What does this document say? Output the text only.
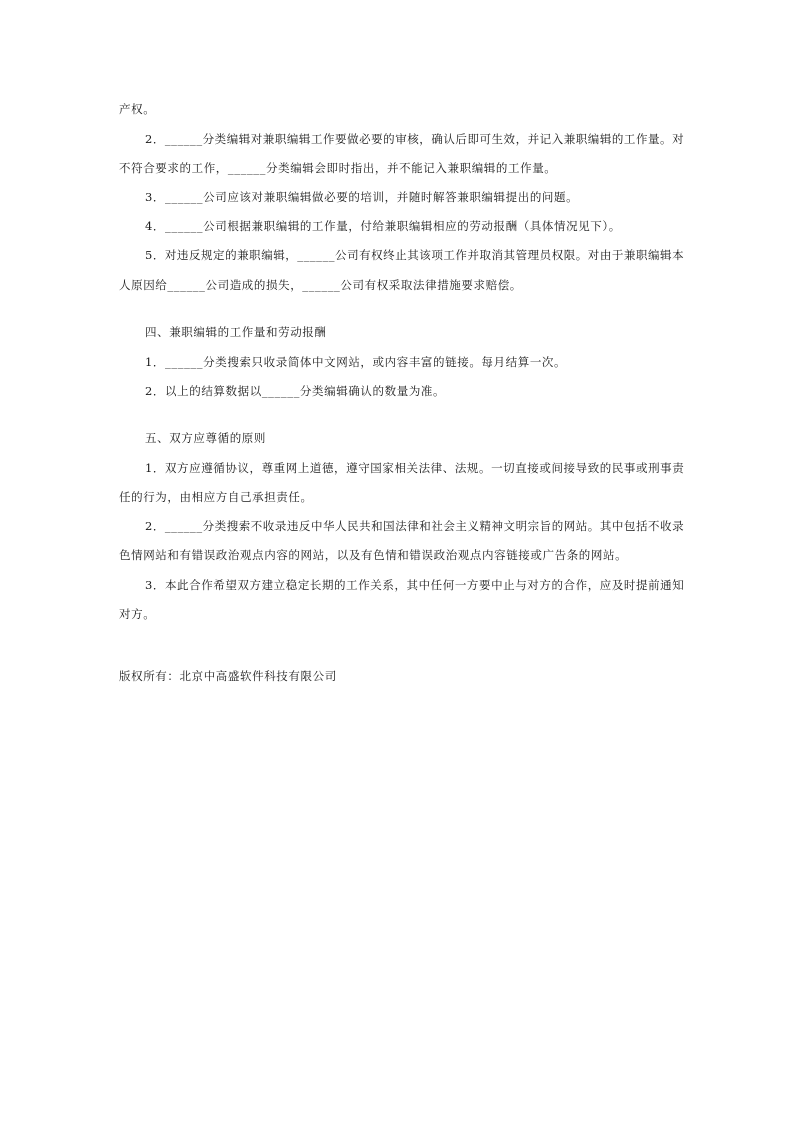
产权。
2．______分类编辑对兼职编辑工作要做必要的审核，确认后即可生效，并记入兼职编辑的工作量。对
不符合要求的工作，______分类编辑会即时指出，并不能记入兼职编辑的工作量。
3．______公司应该对兼职编辑做必要的培训，并随时解答兼职编辑提出的问题。
4．______公司根据兼职编辑的工作量，付给兼职编辑相应的劳动报酬（具体情况见下）。
5．对违反规定的兼职编辑，______公司有权终止其该项工作并取消其管理员权限。对由于兼职编辑本
人原因给______公司造成的损失，______公司有权采取法律措施要求赔偿。
四、兼职编辑的工作量和劳动报酬
1．______分类搜索只收录简体中文网站，或内容丰富的链接。每月结算一次。
2．以上的结算数据以______分类编辑确认的数量为准。
五、双方应尊循的原则
1．双方应遵循协议，尊重网上道德，遵守国家相关法律、法规。一切直接或间接导致的民事或刑事责
任的行为，由相应方自己承担责任。
2．______分类搜索不收录违反中华人民共和国法律和社会主义精神文明宗旨的网站。其中包括不收录
色情网站和有错误政治观点内容的网站，以及有色情和错误政治观点内容链接或广告条的网站。
3．本此合作希望双方建立稳定长期的工作关系，其中任何一方要中止与对方的合作，应及时提前通知
对方。
版权所有：北京中高盛软件科技有限公司
